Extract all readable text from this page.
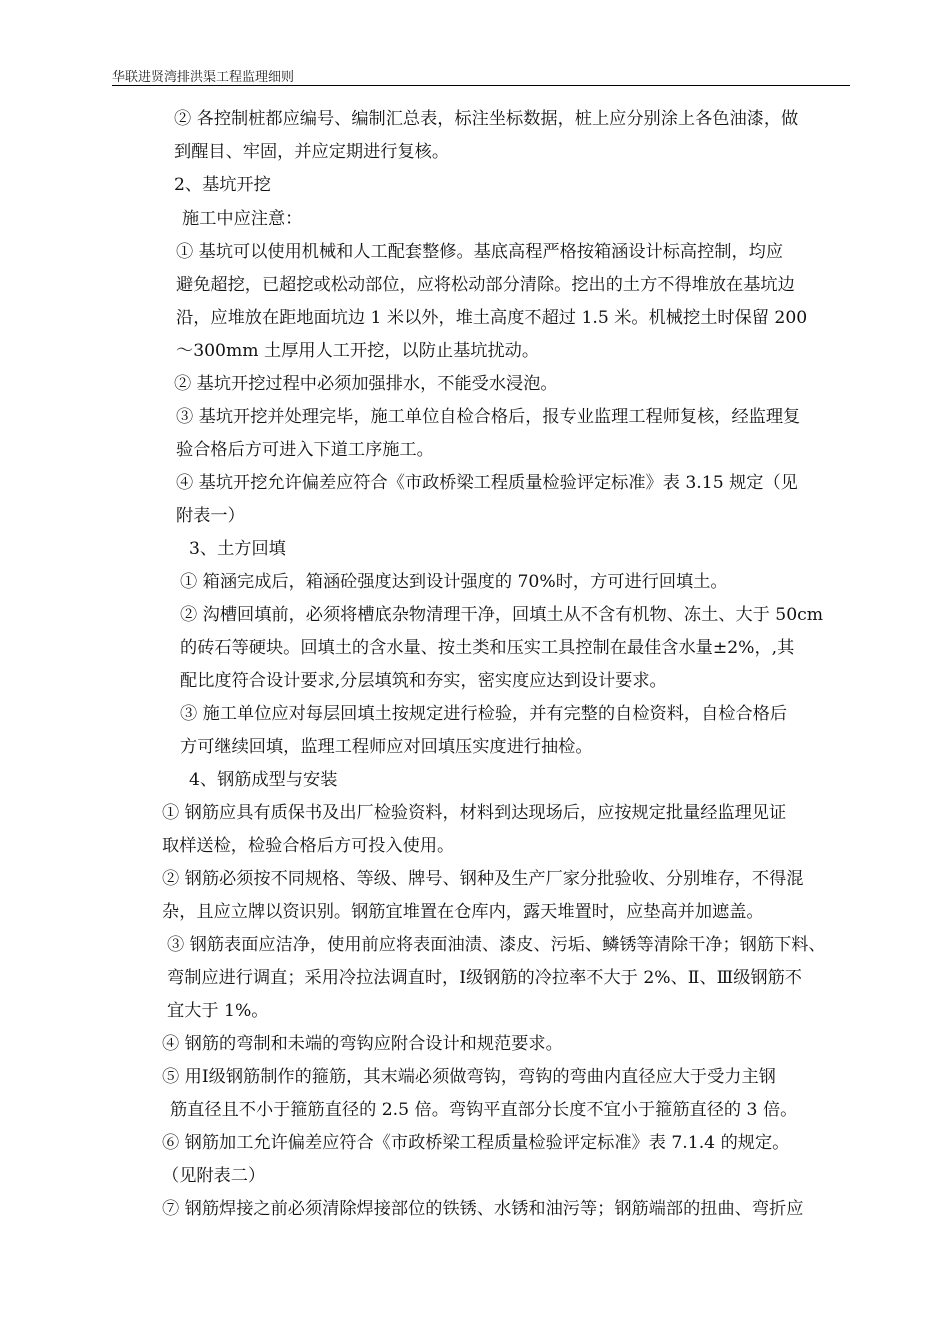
华联进贤湾排洪渠工程监理细则
② 各控制桩都应编号、编制汇总表，标注坐标数据，桩上应分别涂上各色油漆，做
到醒目、牢固，并应定期进行复核。
2、基坑开挖
施工中应注意：
① 基坑可以使用机械和人工配套整修。基底高程严格按箱涵设计标高控制，均应
避免超挖，已超挖或松动部位，应将松动部分清除。挖出的土方不得堆放在基坑边
沿，应堆放在距地面坑边 1 米以外，堆土高度不超过 1.5 米。机械挖土时保留 200
～300mm 土厚用人工开挖，以防止基坑扰动。
② 基坑开挖过程中必须加强排水，不能受水浸泡。
③ 基坑开挖并处理完毕，施工单位自检合格后，报专业监理工程师复核，经监理复
验合格后方可进入下道工序施工。
④ 基坑开挖允许偏差应符合《市政桥梁工程质量检验评定标准》表 3.15 规定（见
附表一）
3、土方回填
① 箱涵完成后，箱涵砼强度达到设计强度的 70%时，方可进行回填土。
② 沟槽回填前，必须将槽底杂物清理干净，回填土从不含有机物、冻土、大于 50cm
的砖石等硬块。回填土的含水量、按土类和压实工具控制在最佳含水量±2%，,其
配比度符合设计要求,分层填筑和夯实，密实度应达到设计要求。
③ 施工单位应对每层回填土按规定进行检验，并有完整的自检资料，自检合格后
方可继续回填，监理工程师应对回填压实度进行抽检。
4、钢筋成型与安装
① 钢筋应具有质保书及出厂检验资料，材料到达现场后，应按规定批量经监理见证
取样送检，检验合格后方可投入使用。
② 钢筋必须按不同规格、等级、牌号、钢种及生产厂家分批验收、分别堆存，不得混
杂，且应立牌以资识别。钢筋宜堆置在仓库内，露天堆置时，应垫高并加遮盖。
③ 钢筋表面应洁净，使用前应将表面油渍、漆皮、污垢、鳞锈等清除干净；钢筋下料、
弯制应进行调直；采用冷拉法调直时，Ⅰ级钢筋的冷拉率不大于 2%、Ⅱ、Ⅲ级钢筋不
宜大于 1%。
④ 钢筋的弯制和未端的弯钩应附合设计和规范要求。
⑤ 用Ⅰ级钢筋制作的箍筋，其末端必须做弯钩，弯钩的弯曲内直径应大于受力主钢
筋直径且不小于箍筋直径的 2.5 倍。弯钩平直部分长度不宜小于箍筋直径的 3 倍。
⑥ 钢筋加工允许偏差应符合《市政桥梁工程质量检验评定标准》表 7.1.4 的规定。
（见附表二）
⑦ 钢筋焊接之前必须清除焊接部位的铁锈、水锈和油污等；钢筋端部的扭曲、弯折应
